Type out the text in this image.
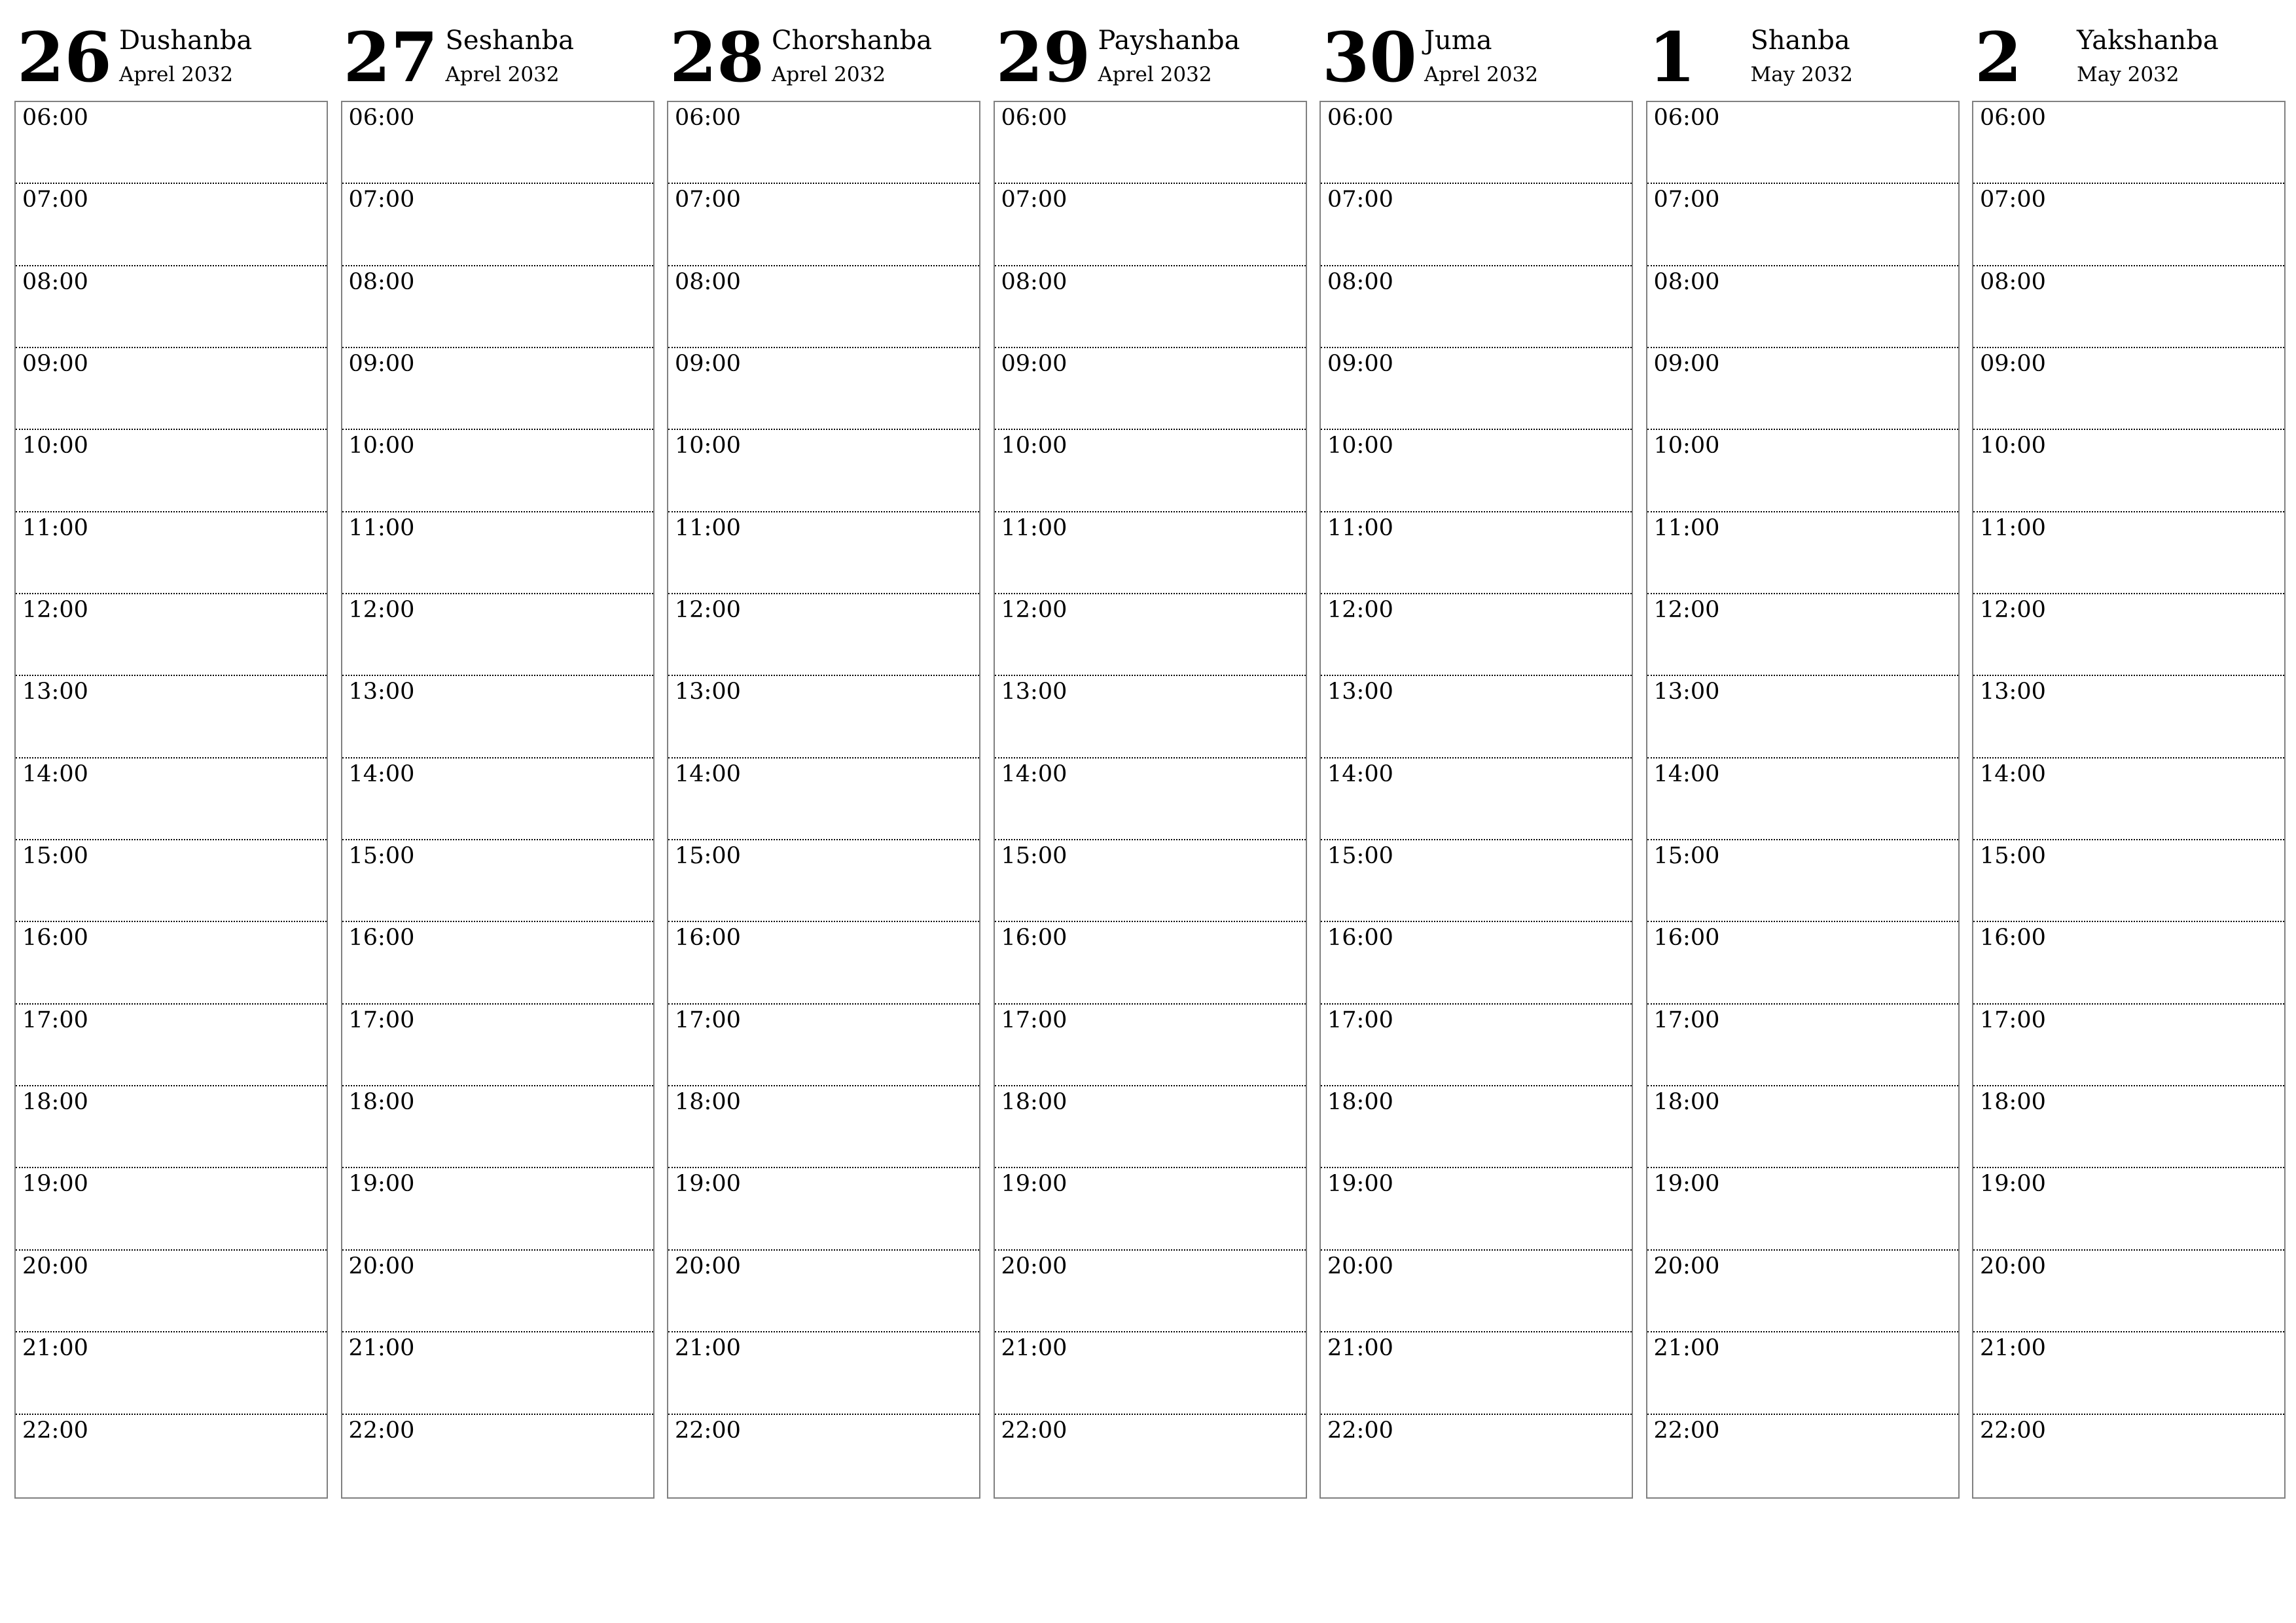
26 Dushanba
Aprel 2032
06:00
07:00
08:00
09:00
10:00
11:00
12:00
13:00
14:00
15:00
16:00
17:00
18:00
19:00
20:00
21:00
22:00
27 Seshanba
Aprel 2032
06:00
07:00
08:00
09:00
10:00
11:00
12:00
13:00
14:00
15:00
16:00
17:00
18:00
19:00
20:00
21:00
22:00
28 Chorshanba
Aprel 2032
06:00
07:00
08:00
09:00
10:00
11:00
12:00
13:00
14:00
15:00
16:00
17:00
18:00
19:00
20:00
21:00
22:00
29 Payshanba
Aprel 2032
06:00
07:00
08:00
09:00
10:00
11:00
12:00
13:00
14:00
15:00
16:00
17:00
18:00
19:00
20:00
21:00
22:00
30 Juma
Aprel 2032
06:00
07:00
08:00
09:00
10:00
11:00
12:00
13:00
14:00
15:00
16:00
17:00
18:00
19:00
20:00
21:00
22:00
1 Shanba
May 2032
06:00
07:00
08:00
09:00
10:00
11:00
12:00
13:00
14:00
15:00
16:00
17:00
18:00
19:00
20:00
21:00
22:00
2 Yakshanba
May 2032
06:00
07:00
08:00
09:00
10:00
11:00
12:00
13:00
14:00
15:00
16:00
17:00
18:00
19:00
20:00
21:00
22:00
